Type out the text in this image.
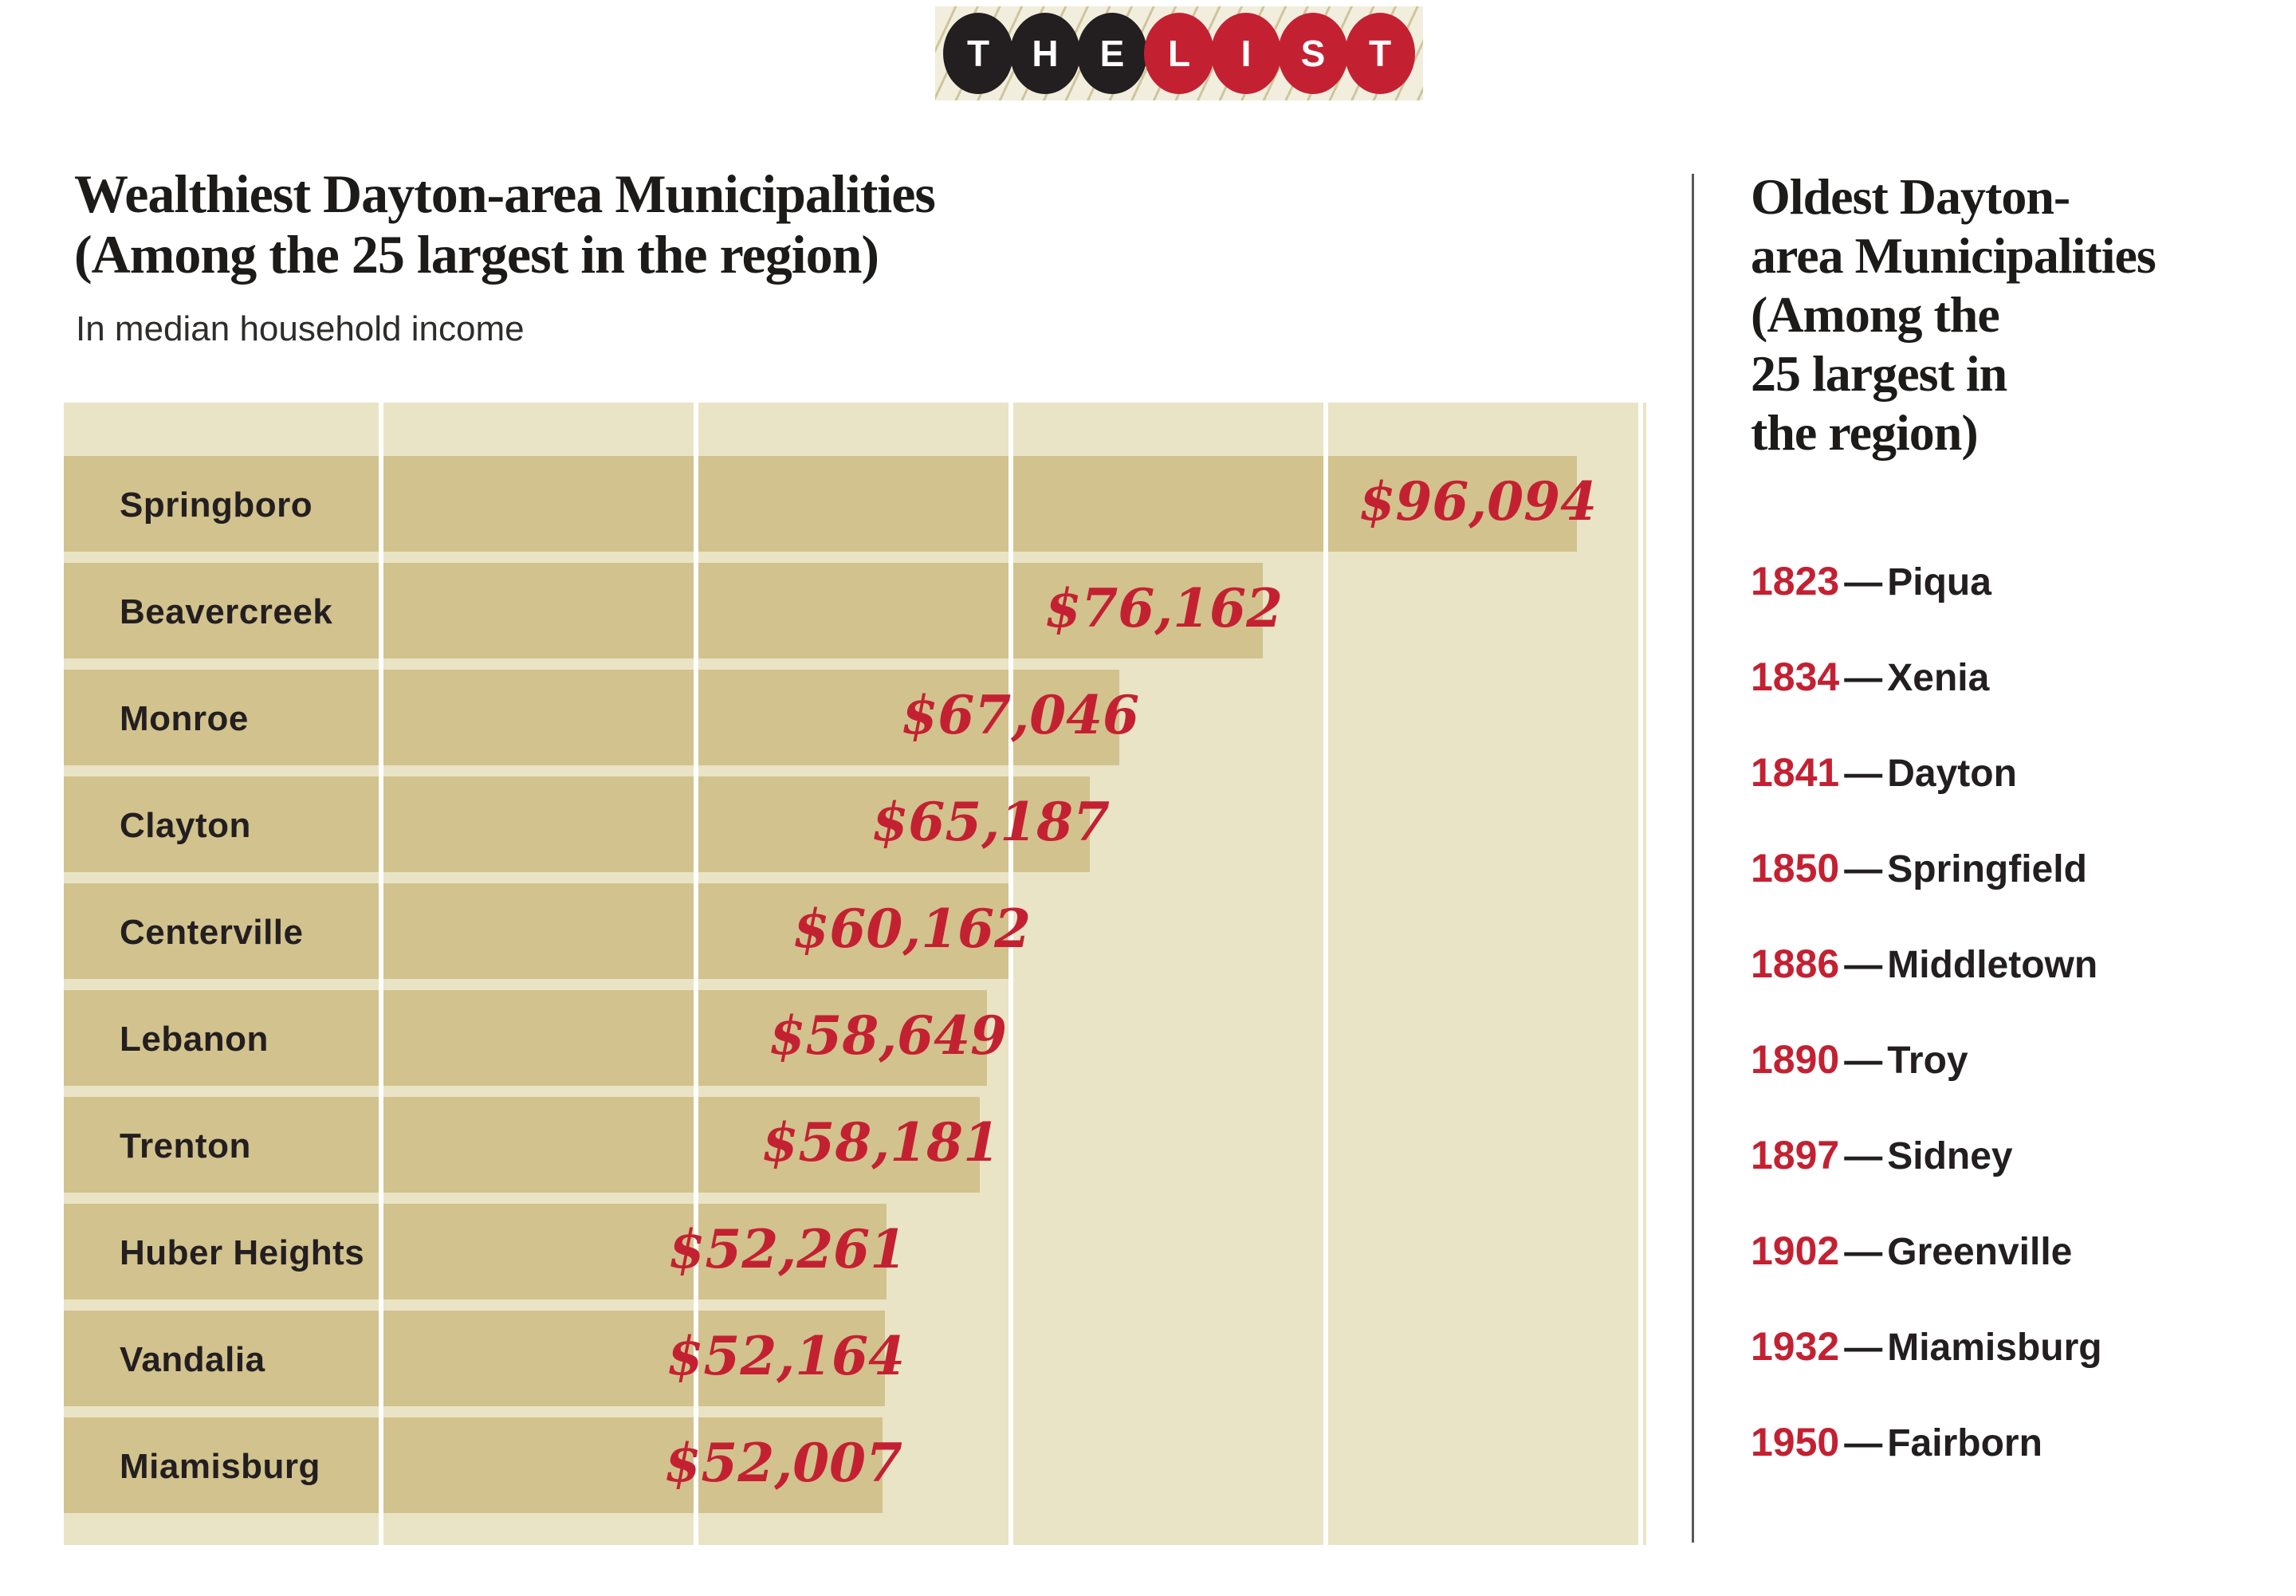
T	H	E	L	I	S	T
Wealthiest Dayton-area Municipalities
(Among the 25 largest in the region)
In median household income
Springboro	$96,094
Beavercreek	$76,162
Monroe	$67,046
Clayton	$65,187
Centerville	$60,162
Lebanon	$58,649
Trenton	$58,181
Huber Heights	$52,261
Vandalia	$52,164
Miamisburg	$52,007
Oldest Dayton-
area Municipalities
(Among the
25 largest in
the region)
1823 — Piqua
1834 — Xenia
1841 — Dayton
1850 — Springfield
1886 — Middletown
1890 — Troy
1897 — Sidney
1902 — Greenville
1932 — Miamisburg
1950 — Fairborn
